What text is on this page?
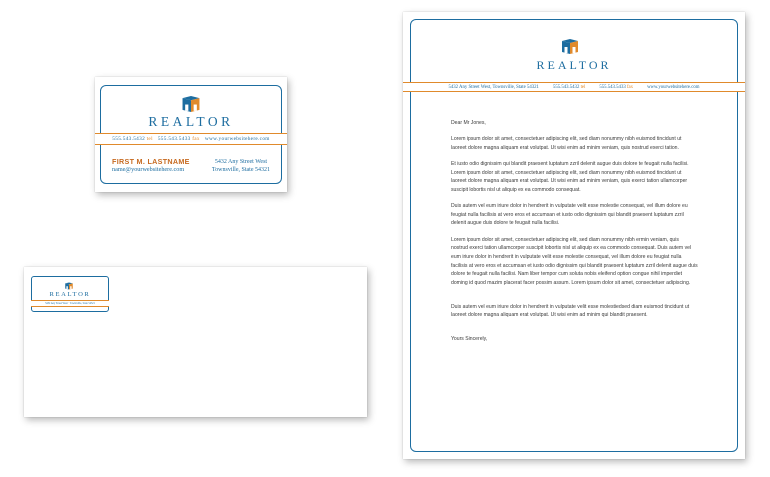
REALTOR
555.543.5432 tel 555.543.5433 fax www.yourwebsitehere.com
FIRST M. LASTNAME
name@yourwebsitehere.com
5432 Any Street West
Townsville, State 54321
REALTOR
5432 Any Street West · Townsville, State 54321
REALTOR
5432 Any Street West, Townsville, State 54321	555.543.5432 tel	555.543.5433 fax	www.yourwebsitehere.com

Dear Mr Jones,

Lorem ipsum dolor sit amet, consectetuer adipiscing elit, sed diam nonummy nibh euismod tincidunt ut
laoreet dolore magna aliquam erat volutpat. Ut wisi enim ad minim veniam, quis nostrud exerci tation.

Et iusto odio dignissim qui blandit praesent luptatum zzril delenit augue duis dolore te feugait nulla facilisi.
Lorem ipsum dolor sit amet, consectetuer adipiscing elit, sed diam nonummy nibh euismod tincidunt ut
laoreet dolore magna aliquam erat volutpat. Ut wisi enim ad minim veniam, quis exerci tation ullamcorper
suscipit lobortis nisl ut aliquip ex ea commodo consequat.

Duis autem vel eum iriure dolor in hendrerit in vulputate velit esse molestie consequat, vel illum dolore eu
feugiat nulla facilisis at vero eros et accumsan et iusto odio dignissim qui blandit praesent luptatum zzril
delenit augue duis dolore te feugait nulla facilisi.

Lorem ipsum dolor sit amet, consectetuer adipiscing elit, sed diam nonummy nibh ermin veniam, quis
nostrud exerci tation ullamcorper suscipit lobortis nisl ut aliquip ex ea commodo consequat. Duis autem vel
eum iriure dolor in hendrerit in vulputate velit esse molestie consequat, vel illum dolore eu feugiat nulla
facilisis at vero eros et accumsan et iusto odio dignissim qui blandit praesent luptatum zzril delenit augue duis
dolore te feugait nulla facilisi. Nam liber tempor cum soluta nobis eleifend option congue nihil imperdiet
doming id quod mazim placerat facer possim assum. Lorem ipsum dolor sit amet, consectetuer adipiscing.

Duis autem vel eum iriure dolor in hendrerit in vulputate velit esse molestiedsed diam euismod tincidunt ut
laoreet dolore magna aliquam erat volutpat. Ut wisi enim ad minim qui blandit praesent.

Yours Sincerely,
